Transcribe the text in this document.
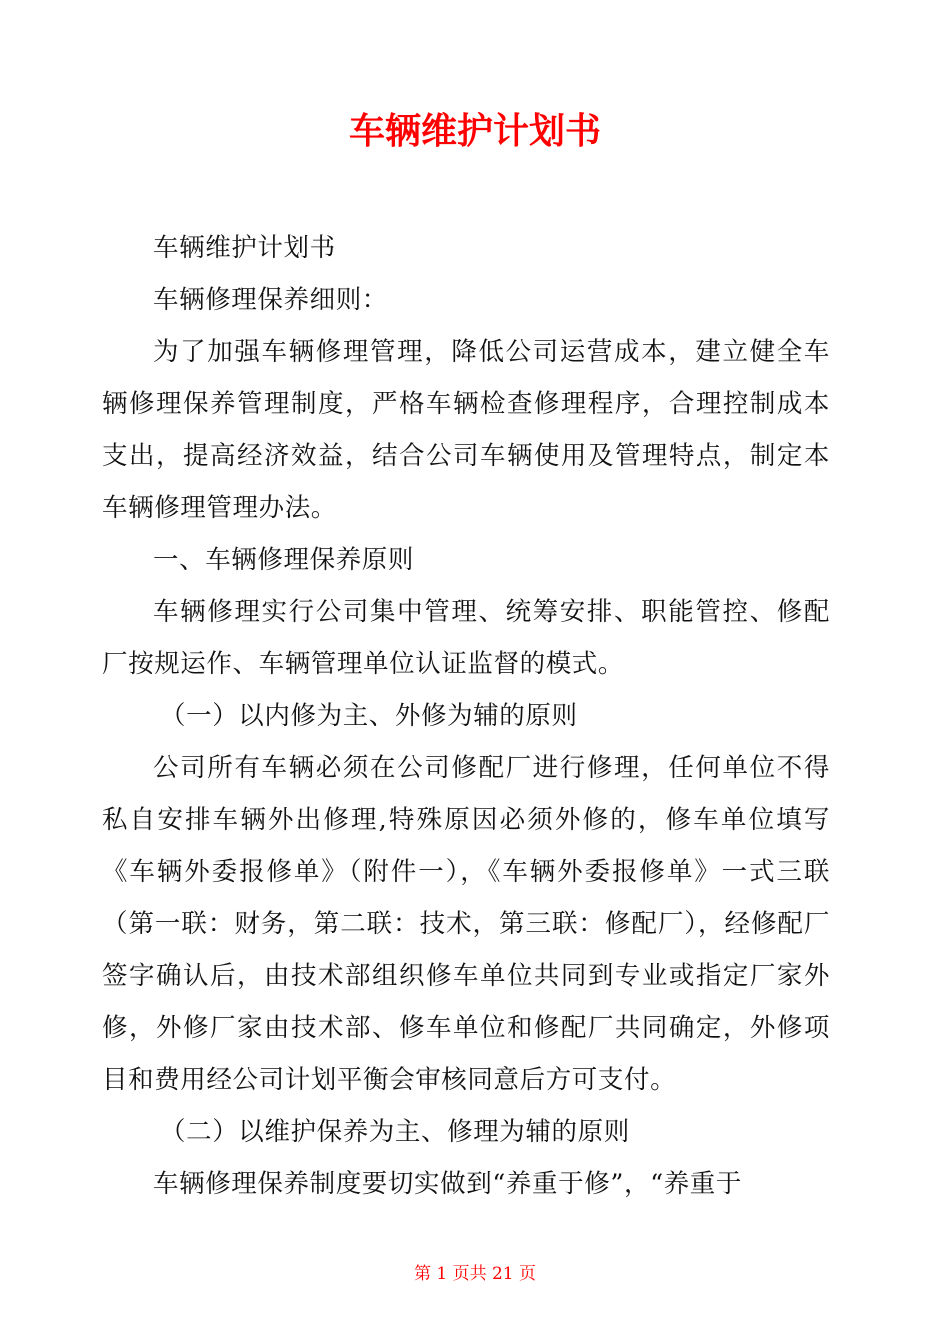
车辆维护计划书

车辆维护计划书

车辆修理保养细则：

为了加强车辆修理管理，降低公司运营成本，建立健全车辆修理保养管理制度，严格车辆检查修理程序，合理控制成本支出，提高经济效益，结合公司车辆使用及管理特点，制定本车辆修理管理办法。

一、车辆修理保养原则

车辆修理实行公司集中管理、统筹安排、职能管控、修配厂按规运作、车辆管理单位认证监督的模式。

（一）以内修为主、外修为辅的原则

公司所有车辆必须在公司修配厂进行修理，任何单位不得私自安排车辆外出修理,特殊原因必须外修的，修车单位填写《车辆外委报修单》（附件一），《车辆外委报修单》一式三联（第一联：财务，第二联：技术，第三联：修配厂），经修配厂签字确认后，由技术部组织修车单位共同到专业或指定厂家外修，外修厂家由技术部、修车单位和修配厂共同确定，外修项目和费用经公司计划平衡会审核同意后方可支付。

（二）以维护保养为主、修理为辅的原则

车辆修理保养制度要切实做到“养重于修”，“养重于

第 1 页共 21 页
